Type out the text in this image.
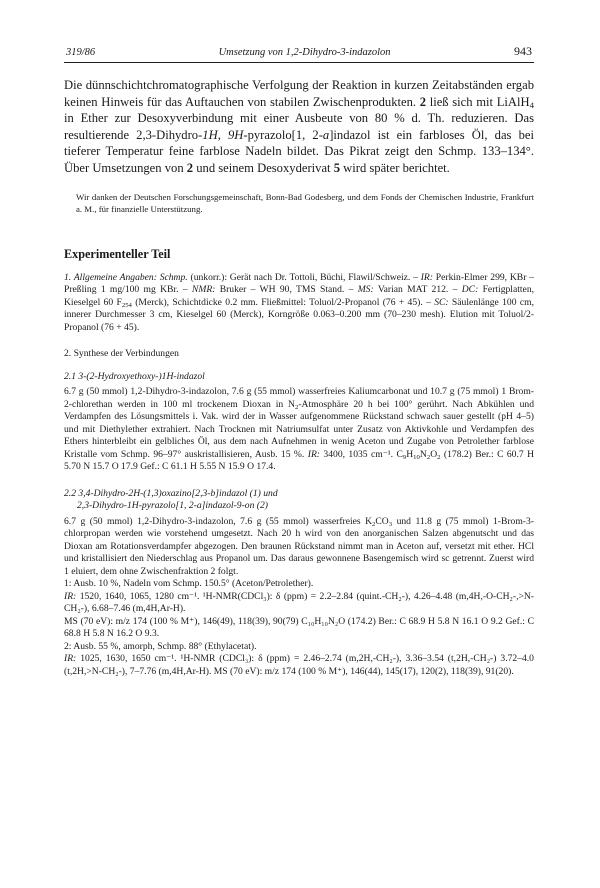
319/86	Umsetzung von 1,2-Dihydro-3-indazolon	943
Die dünnschichtchromatographische Verfolgung der Reaktion in kurzen Zeitabständen ergab keinen Hinweis für das Auftauchen von stabilen Zwischenprodukten. 2 ließ sich mit LiAlH$_4$ in Ether zur Desoxyverbindung mit einer Ausbeute von 80 % d. Th. reduzieren. Das resultierende 2,3-Dihydro-1H, 9H-pyrazolo[1, 2-a]indazol ist ein farbloses Öl, das bei tieferer Temperatur feine farblose Nadeln bildet. Das Pikrat zeigt den Schmp. 133–134°. Über Umsetzungen von 2 und seinem Desoxyderivat 5 wird später berichtet.

Wir danken der Deutschen Forschungsgemeinschaft, Bonn-Bad Godesberg, und dem Fonds der Chemischen Industrie, Frankfurt a. M., für finanzielle Unterstützung.

Experimenteller Teil

1. Allgemeine Angaben: Schmp. (unkorr.): Gerät nach Dr. Tottoli, Büchi, Flawil/Schweiz. – IR: Perkin-Elmer 299, KBr – Preßling 1 mg/100 mg KBr. – NMR: Bruker – WH 90, TMS Stand. – MS: Varian MAT 212. – DC: Fertigplatten, Kieselgel 60 $F_{254}$ (Merck), Schichtdicke 0.2 mm. Fließmittel: Toluol/2-Propanol (76 + 45). – SC: Säulenlänge 100 cm, innerer Durchmesser 3 cm, Kieselgel 60 (Merck), Korngröße 0.063–0.200 mm (70–230 mesh). Elution mit Toluol/2-Propanol (76 + 45).

2. Synthese der Verbindungen

2.1 3-(2-Hydroxyethoxy-)1H-indazol

6.7 g (50 mmol) 1,2-Dihydro-3-indazolon, 7.6 g (55 mmol) wasserfreies Kaliumcarbonat und 10.7 g (75 mmol) 1 Brom-2-chlorethan werden in 100 ml trockenem Dioxan in $N_2$-Atmosphäre 20 h bei 100° gerührt. Nach Abkühlen und Verdampfen des Lösungsmittels i. Vak. wird der in Wasser aufgenommene Rückstand schwach sauer gestellt (pH 4–5) und mit Diethylether extrahiert. Nach Trocknen mit Natriumsulfat unter Zusatz von Aktivkohle und Verdampfen des Ethers hinterbleibt ein gelbliches Öl, aus dem nach Aufnehmen in wenig Aceton und Zugabe von Petrolether farblose Kristalle vom Schmp. 96–97° auskristallisieren, Ausb. 15 %. IR: 3400, 1035 cm⁻¹. $C_9H_{10}N_2O_2$ (178.2) Ber.: C 60.7 H 5.70 N 15.7 O 17.9 Gef.: C 61.1 H 5.55 N 15.9 O 17.4.

2.2 3,4-Dihydro-2H-(1,3)oxazino[2,3-b]indazol (1) und
2,3-Dihydro-1H-pyrazolo[1, 2-a]indazol-9-on (2)

6.7 g (50 mmol) 1,2-Dihydro-3-indazolon, 7.6 g (55 mmol) wasserfreies $K_2CO_3$ und 11.8 g (75 mmol) 1-Brom-3-chlorpropan werden wie vorstehend umgesetzt. Nach 20 h wird von den anorganischen Salzen abgenutscht und das Dioxan am Rotationsverdampfer abgezogen. Den braunen Rückstand nimmt man in Aceton auf, versetzt mit ether. HCl und kristallisiert den Niederschlag aus Propanol um. Das daraus gewonnene Basengemisch wird sc getrennt. Zuerst wird 1 eluiert, dem ohne Zwischenfraktion 2 folgt.

1: Ausb. 10 %, Nadeln vom Schmp. 150.5° (Aceton/Petrolether).
IR: 1520, 1640, 1065, 1280 cm⁻¹. ¹H-NMR(CDCl₃): δ (ppm) = 2.2–2.84 (quint.-CH₂-), 4.26–4.48 (m,4H,-O-CH₂-,>N-CH₂-), 6.68–7.46 (m,4H,Ar-H).
MS (70 eV): m/z 174 (100 % M⁺), 146(49), 118(39), 90(79) C₁₀H₁₀N₂O (174.2) Ber.: C 68.9 H 5.8 N 16.1 O 9.2 Gef.: C 68.8 H 5.8 N 16.2 O 9.3.

2: Ausb. 55 %, amorph, Schmp. 88° (Ethylacetat).
IR: 1025, 1630, 1650 cm⁻¹. ¹H-NMR (CDCl₃): δ (ppm) = 2.46–2.74 (m,2H,-CH₂-), 3.36–3.54 (t,2H,-CH₂-) 3.72–4.0 (t,2H,>N-CH₂-), 7–7.76 (m,4H,Ar-H). MS (70 eV): m/z 174 (100 % M⁺), 146(44), 145(17), 120(2), 118(39), 91(20).
